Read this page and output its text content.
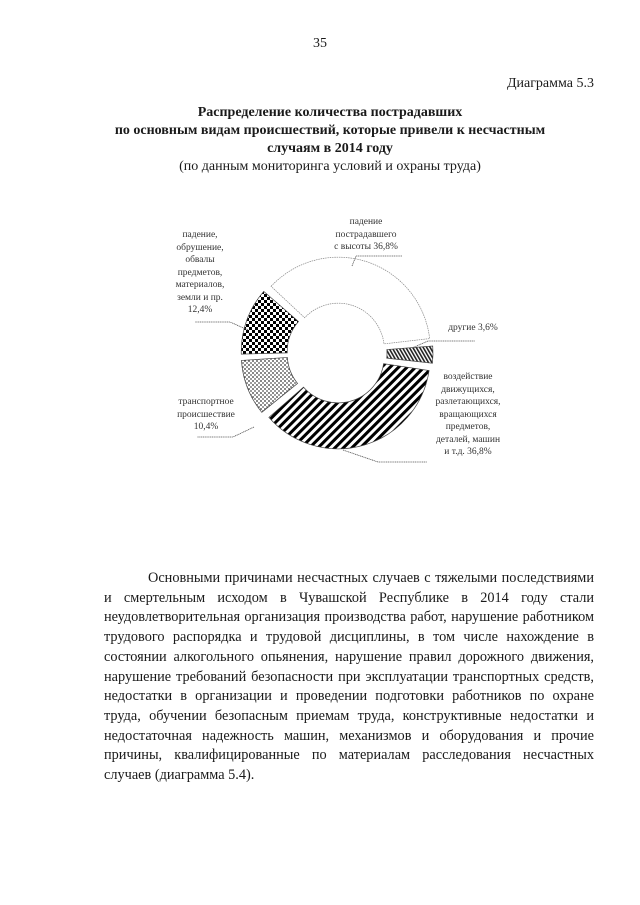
35
Диаграмма 5.3
Распределение количества пострадавших
по основным видам происшествий, которые привели к несчастным
случаям в 2014 году
(по данным мониторинга условий и охраны труда)
падение
пострадавшего
с высоты 36,8%
другие 3,6%
воздействие
движущихся,
разлетающихся,
вращающихся
предметов,
деталей, машин
и т.д. 36,8%
транспортное
происшествие
10,4%
падение,
обрушение,
обвалы
предметов,
материалов,
земли и пр.
12,4%

Основными причинами несчастных случаев с тяжелыми последствиями и смертельным исходом в Чувашской Республике в 2014 году стали неудовлетворительная организация производства работ, нарушение работником трудового распорядка и трудовой дисциплины, в том числе нахождение в состоянии алкогольного опьянения, нарушение правил дорожного движения, нарушение требований безопасности при эксплуатации транспортных средств, недостатки в организации и проведении подготовки работников по охране труда, обучении безопасным приемам труда, конструктивные недостатки и недостаточная надежность машин, механизмов и оборудования и прочие причины, квалифицированные по материалам расследования несчастных случаев (диаграмма 5.4).
